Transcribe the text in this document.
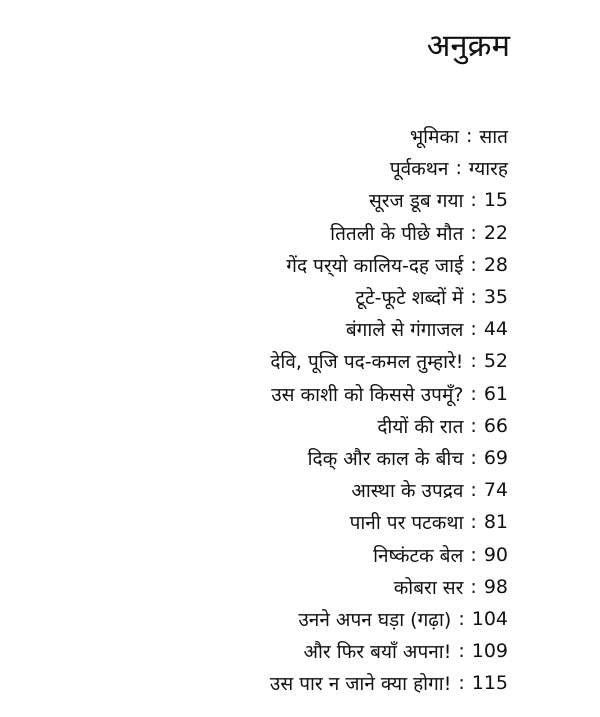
अनुक्रम
भूमिका : सात
पूर्वकथन : ग्यारह
सूरज डूब गया : 15
तितली के पीछे मौत : 22
गेंद पर्‌यो कालिय-दह जाई : 28
टूटे-फूटे शब्दों में : 35
बंगाले से गंगाजल : 44
देवि, पूजि पद-कमल तुम्हारे! : 52
उस काशी को किससे उपमूँ? : 61
दीयों की रात : 66
दिक् और काल के बीच : 69
आस्था के उपद्रव : 74
पानी पर पटकथा : 81
निष्कंटक बेल : 90
कोबरा सर : 98
उनने अपन घड़ा (गढ़ा) : 104
और फिर बयाँ अपना! : 109
उस पार न जाने क्या होगा! : 115
